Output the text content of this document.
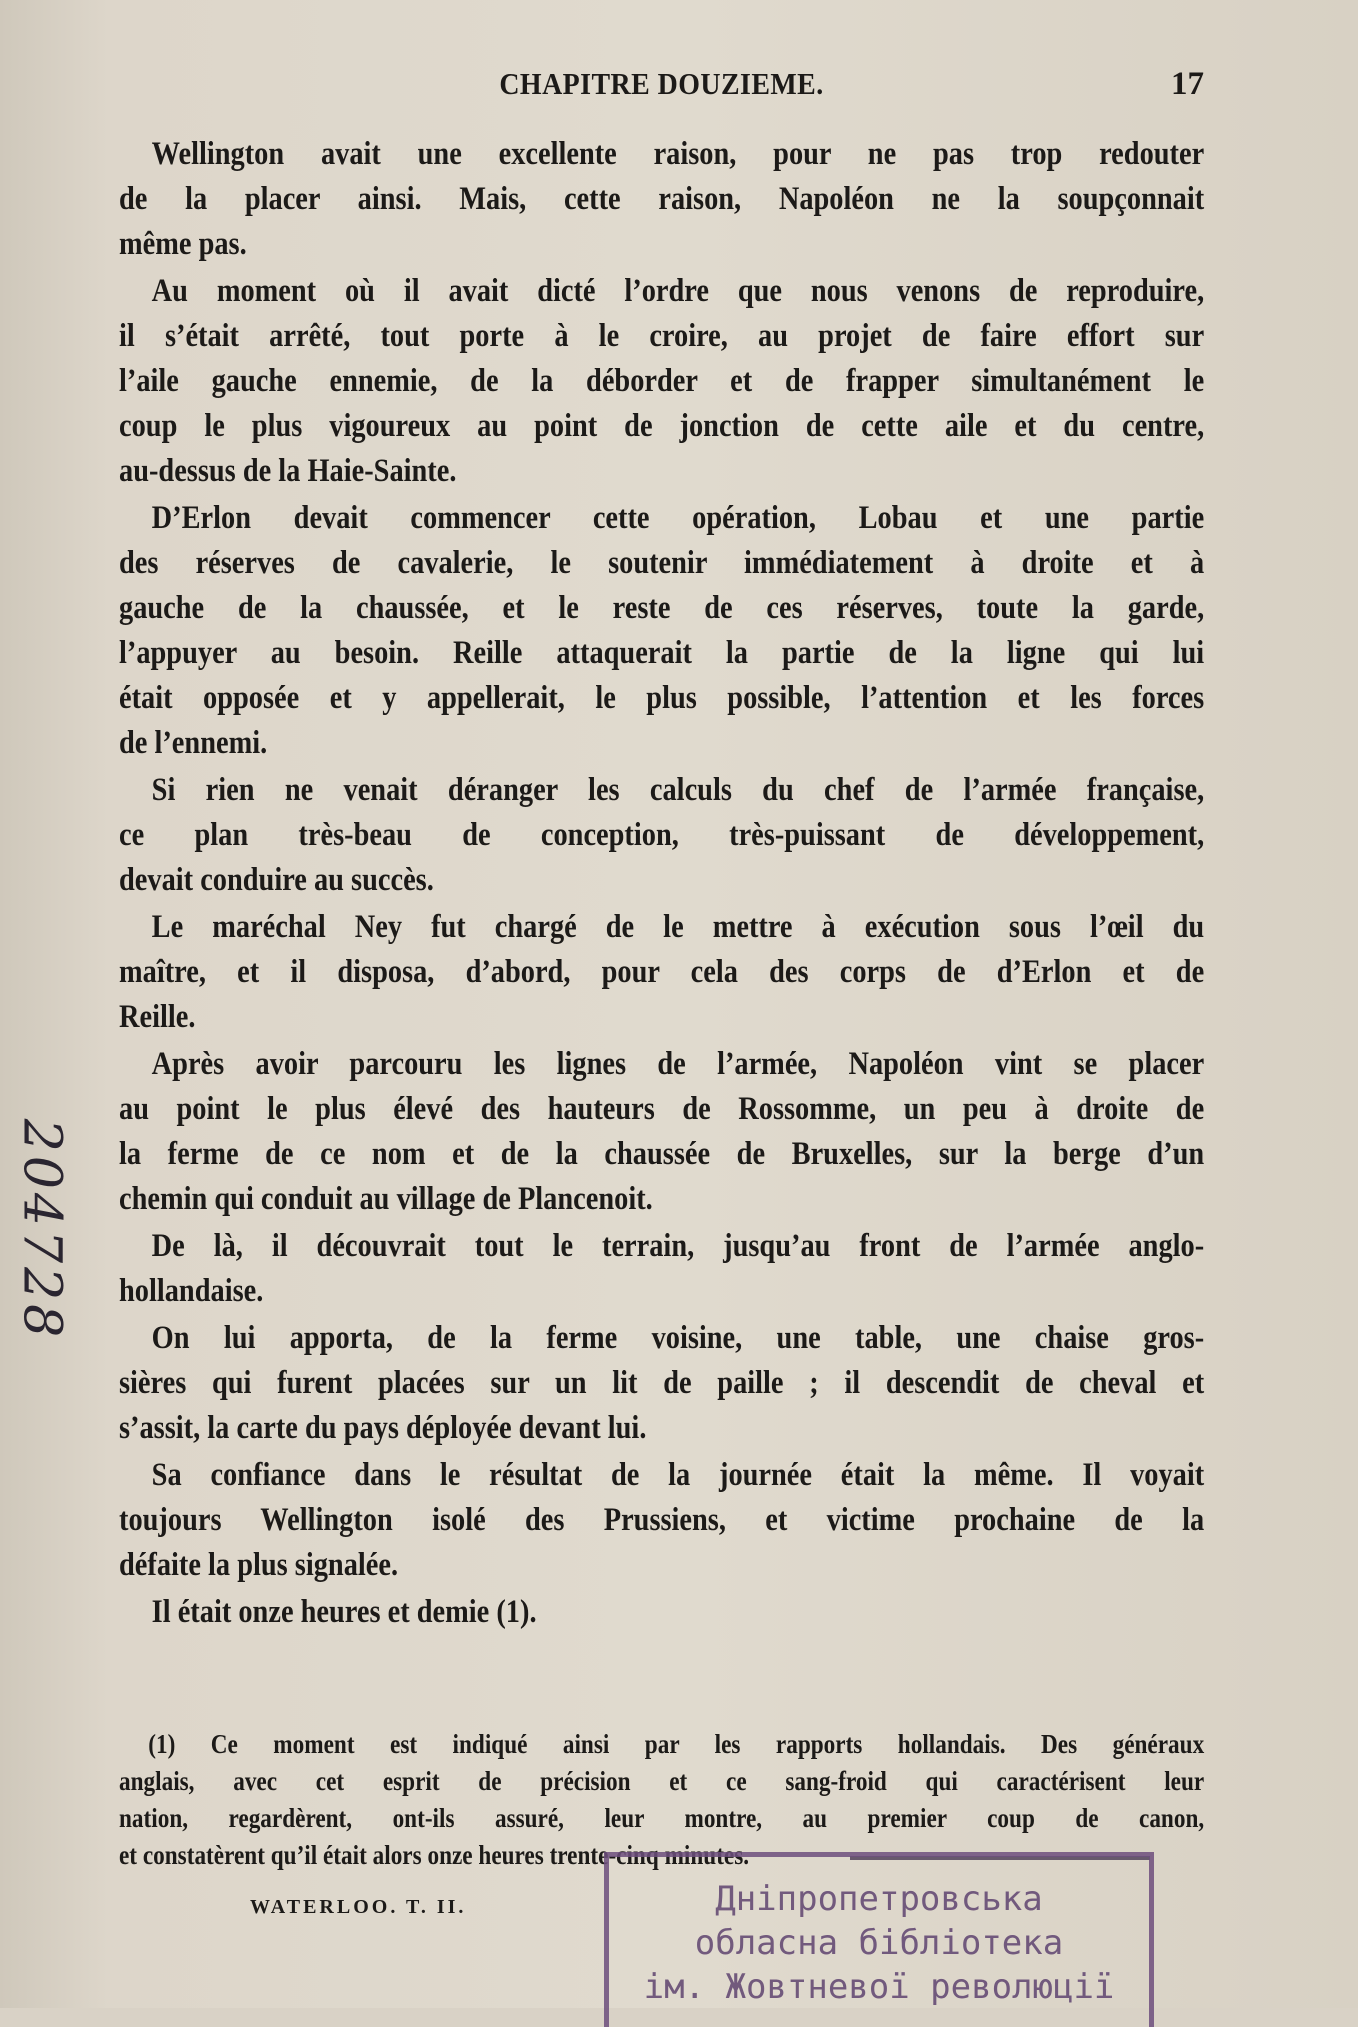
CHAPITRE DOUZIEME.	17
Wellington avait une excellente raison, pour ne pas trop redouter
de la placer ainsi. Mais, cette raison, Napoléon ne la soupçonnait
même pas.
Au moment où il avait dicté l’ordre que nous venons de reproduire,
il s’était arrêté, tout porte à le croire, au projet de faire effort sur
l’aile gauche ennemie, de la déborder et de frapper simultanément le
coup le plus vigoureux au point de jonction de cette aile et du centre,
au-dessus de la Haie-Sainte.
D’Erlon devait commencer cette opération, Lobau et une partie
des réserves de cavalerie, le soutenir immédiatement à droite et à
gauche de la chaussée, et le reste de ces réserves, toute la garde,
l’appuyer au besoin. Reille attaquerait la partie de la ligne qui lui
était opposée et y appellerait, le plus possible, l’attention et les forces
de l’ennemi.
Si rien ne venait déranger les calculs du chef de l’armée française,
ce plan très-beau de conception, très-puissant de développement,
devait conduire au succès.
Le maréchal Ney fut chargé de le mettre à exécution sous l’œil du
maître, et il disposa, d’abord, pour cela des corps de d’Erlon et de
Reille.
Après avoir parcouru les lignes de l’armée, Napoléon vint se placer
au point le plus élevé des hauteurs de Rossomme, un peu à droite de
la ferme de ce nom et de la chaussée de Bruxelles, sur la berge d’un
chemin qui conduit au village de Plancenoit.
De là, il découvrait tout le terrain, jusqu’au front de l’armée anglo-
hollandaise.
On lui apporta, de la ferme voisine, une table, une chaise gros-
sières qui furent placées sur un lit de paille ; il descendit de cheval et
s’assit, la carte du pays déployée devant lui.
Sa confiance dans le résultat de la journée était la même. Il voyait
toujours Wellington isolé des Prussiens, et victime prochaine de la
défaite la plus signalée.
Il était onze heures et demie (1).
(1) Ce moment est indiqué ainsi par les rapports hollandais. Des généraux
anglais, avec cet esprit de précision et ce sang-froid qui caractérisent leur
nation, regardèrent, ont-ils assuré, leur montre, au premier coup de canon,
et constatèrent qu’il était alors onze heures trente-cinq minutes.
WATERLOO. T. II.	Дніпропетровська
обласна бібліотека
ім. Жовтневої революції
204728
